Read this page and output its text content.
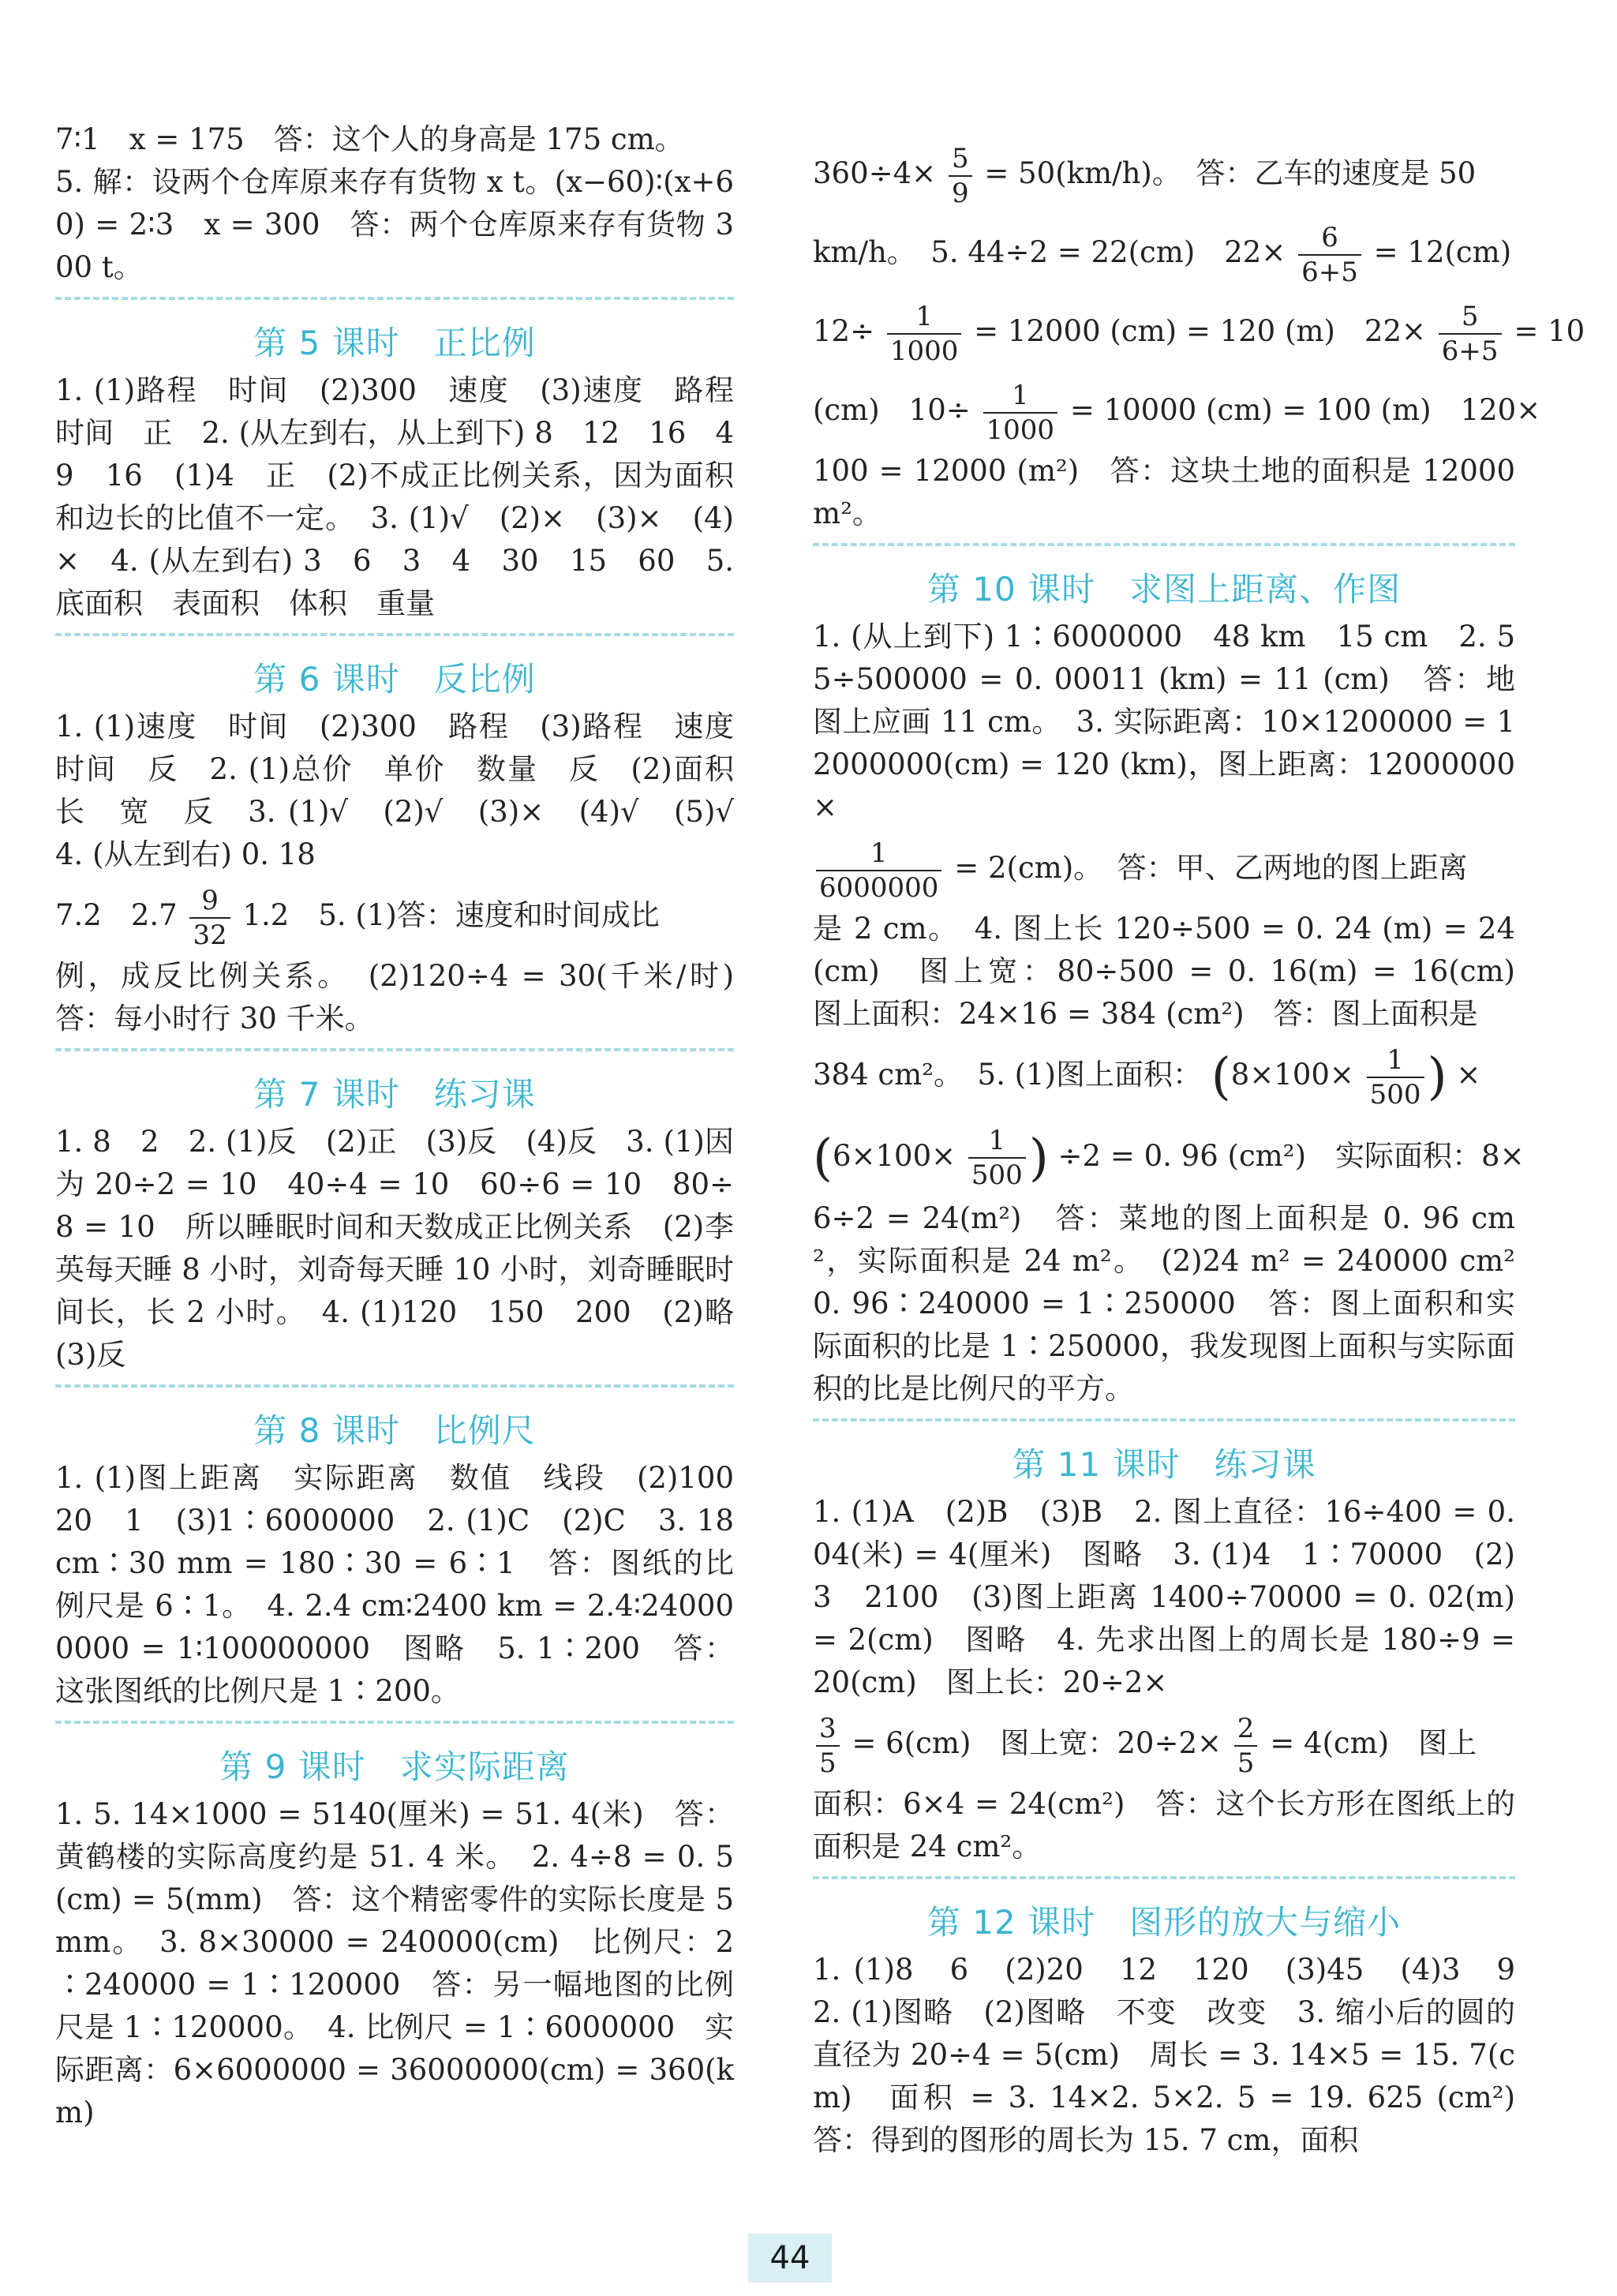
7∶1　x = 175　答：这个人的身高是 175 cm。

5. 解：设两个仓库原来存有货物 x t。(x−60)∶(x+60) = 2∶3　x = 300　答：两个仓库原来存有货物 300 t。

第 5 课时　正比例

1. (1)路程　时间　(2)300　速度　(3)速度　路程　时间　正　2. (从左到右，从上到下) 8　12　16　4　9　16　(1)4　正　(2)不成正比例关系，因为面积和边长的比值不一定。　3. (1)√　(2)×　(3)×　(4)×　4. (从左到右) 3　6　3　4　30　15　60　5. 底面积　表面积　体积　重量

第 6 课时　反比例

1. (1)速度　时间　(2)300　路程　(3)路程　速度　时间　反　2. (1)总价　单价　数量　反　(2)面积　长　宽　反　3. (1)√　(2)√　(3)×　(4)√　(5)√　4. (从左到右) 0. 18

7.2　$2.7 \frac{9}{32} 1.2$　5. (1)答：速度和时间成比

例，成反比例关系。　(2)120÷4 = 30(千米/时)　答：每小时行 30 千米。

第 7 课时　练习课

1. 8　2　2. (1)反　(2)正　(3)反　(4)反　3. (1)因为 20÷2 = 10　40÷4 = 10　60÷6 = 10　80÷8 = 10　所以睡眠时间和天数成正比例关系　(2)李英每天睡 8 小时，刘奇每天睡 10 小时，刘奇睡眠时间长，长 2 小时。　4. (1)120　150　200　(2)略　(3)反

第 8 课时　比例尺

1. (1)图上距离　实际距离　数值　线段　(2)100　20　1　(3)1∶6000000　2. (1)C　(2)C　3. 18 cm∶30 mm = 180∶30 = 6∶1　答：图纸的比例尺是 6∶1。　4. 2.4 cm∶2400 km = 2.4∶240000000 = 1∶100000000　图略　5. 1∶200　答：这张图纸的比例尺是 1∶200。

第 9 课时　求实际距离

1. 5. 14×1000 = 5140(厘米) = 51. 4(米)　答：黄鹤楼的实际高度约是 51. 4 米。　2. 4÷8 = 0. 5 (cm) = 5(mm)　答：这个精密零件的实际长度是 5 mm。　3. 8×30000 = 240000(cm)　比例尺：2∶240000 = 1∶120000　答：另一幅地图的比例尺是 1∶120000。　4. 比例尺 = 1∶6000000　实际距离：6×6000000 = 36000000(cm) = 360(km)

$360\div 4\times \frac{5}{9} = 50(km/h)$。　答：乙车的速度是 50

km/h。　5. 44÷2 = 22(cm)　$22\times \frac{6}{6+5} = 12(cm)$

$12\div \frac{1}{1000} = 12000$ (cm) = 120 (m)　$22\times \frac{5}{6+5} = 10$

(cm)　$10\div \frac{1}{1000} = 10000$ (cm) = 100 (m)　120×

100 = 12000 (m²)　答：这块土地的面积是 12000 m²。

第 10 课时　求图上距离、作图

1. (从上到下) 1∶6000000　48 km　15 cm　2. 55÷500000 = 0. 00011 (km) = 11 (cm)　答：地图上应画 11 cm。　3. 实际距离：10×1200000 = 12000000(cm) = 120 (km)，图上距离：12000000×

$\frac{1}{6000000} = 2(cm)$。　答：甲、乙两地的图上距离

是 2 cm。　4. 图上长 120÷500 = 0. 24 (m) = 24 (cm)　图上宽：80÷500 = 0. 16(m) = 16(cm)　图上面积：24×16 = 384 (cm²)　答：图上面积是

384 cm²。　5. (1)图上面积： ($8\times 100\times \frac{1}{500}$ ) ×

($6\times 100\times \frac{1}{500}$ ) ÷2 = 0. 96 (cm²)　实际面积：8×

6÷2 = 24(m²)　答：菜地的图上面积是 0. 96 cm²，实际面积是 24 m²。　(2)24 m² = 240000 cm²　0. 96∶240000 = 1∶250000　答：图上面积和实际面积的比是 1∶250000，我发现图上面积与实际面积的比是比例尺的平方。

第 11 课时　练习课

1. (1)A　(2)B　(3)B　2. 图上直径：16÷400 = 0. 04(米) = 4(厘米)　图略　3. (1)4　1∶70000　(2)3　2100　(3)图上距离 1400÷70000 = 0. 02(m) = 2(cm)　图略　4. 先求出图上的周长是 180÷9 = 20(cm)　图上长：20÷2×

$\frac{3}{5} = 6(cm)$　图上宽：$20\div 2\times \frac{2}{5} = 4(cm)$　图上

面积：6×4 = 24(cm²)　答：这个长方形在图纸上的面积是 24 cm²。

第 12 课时　图形的放大与缩小

1. (1)8　6　(2)20　12　120　(3)45　(4)3　9　2. (1)图略　(2)图略　不变　改变　3. 缩小后的圆的直径为 20÷4 = 5(cm)　周长 = 3. 14×5 = 15. 7(cm)　面积 = 3. 14×2. 5×2. 5 = 19. 625 (cm²)　答：得到的图形的周长为 15. 7 cm，面积

44
